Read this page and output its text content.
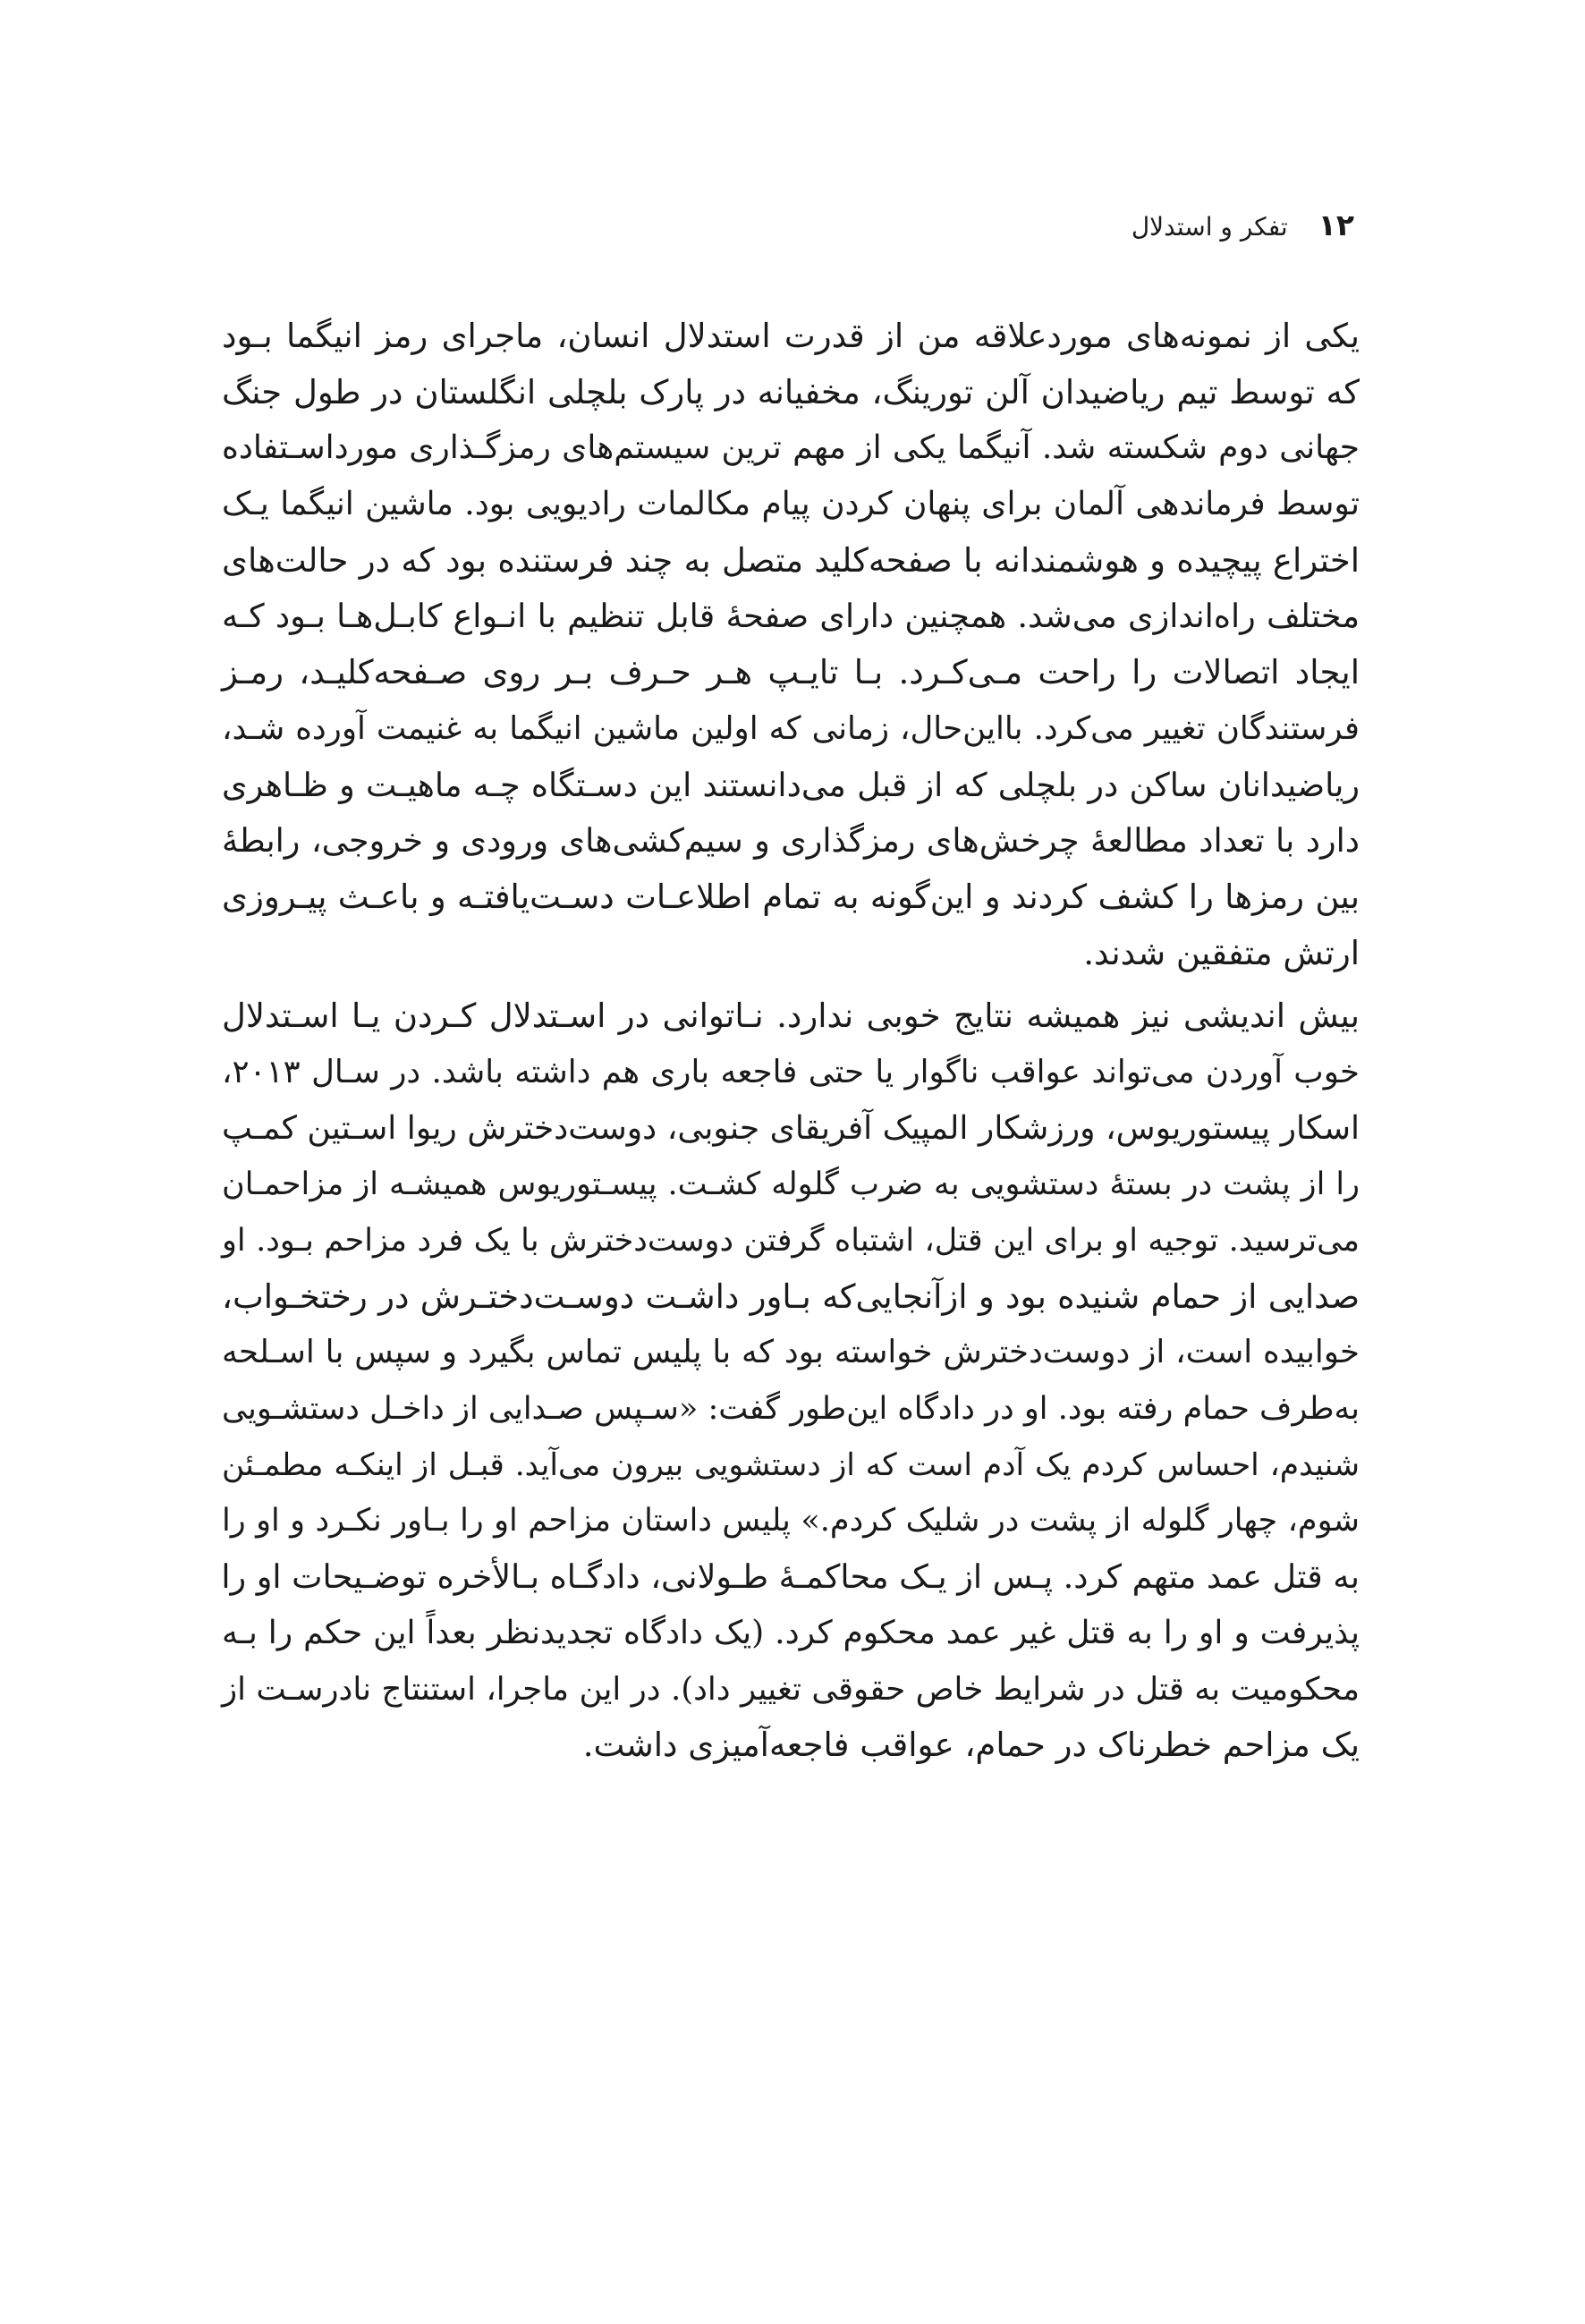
۱۲
تفکر و استدلال
یکی از نمونه‌های موردعلاقه من از قدرت استدلال انسان، ماجرای رمز انیگما بـود
که توسط تیم ریاضیدان آلن تورینگ، مخفیانه در پارک بلچلی انگلستان در طول جنگ
جهانی دوم شکسته شد. آنیگما یکی از مهم ترین سیستم‌های رمزگـذاری مورداسـتفاده
توسط فرماندهی آلمان برای پنهان کردن پیام مکالمات رادیویی بود. ماشین انیگما یـک
اختراع پیچیده و هوشمندانه با صفحه‌کلید متصل به چند فرستنده بود که در حالت‌های
مختلف راه‌اندازی می‌شد. همچنین دارای صفحهٔ قابل تنظیم با انـواع کابـل‌هـا بـود کـه
ایجاد اتصالات را راحت مـی‌کـرد. بـا تایـپ هـر حـرف بـر روی صـفحه‌کلیـد، رمـز
فرستندگان تغییر می‌کرد. بااین‌حال، زمانی که اولین ماشین انیگما به غنیمت آورده شـد،
ریاضیدانان ساکن در بلچلی که از قبل می‌دانستند این دسـتگاه چـه ماهیـت و ظـاهری
دارد با تعداد مطالعهٔ چرخش‌های رمزگذاری و سیم‌کشی‌های ورودی و خروجی، رابطهٔ
بین رمزها را کشف کردند و این‌گونه به تمام اطلاعـات دسـت‌یافتـه و باعـث پیـروزی
ارتش متفقین شدند.
بیش اندیشی نیز همیشه نتایج خوبی ندارد. نـاتوانی در اسـتدلال کـردن یـا اسـتدلال
خوب آوردن می‌تواند عواقب ناگوار یا حتی فاجعه باری هم داشته باشد. در سـال ۲۰۱۳،
اسکار پیستوریوس، ورزشکار المپیک آفریقای جنوبی، دوست‌دخترش ریوا اسـتین کمـپ
را از پشت در بستهٔ دستشویی به ضرب گلوله کشـت. پیسـتوریوس همیشـه از مزاحمـان
می‌ترسید. توجیه او برای این قتل، اشتباه گرفتن دوست‌دخترش با یک فرد مزاحم بـود. او
صدایی از حمام شنیده بود و ازآنجایی‌که بـاور داشـت دوسـت‌دختـرش در رختخـواب،
خوابیده است، از دوست‌دخترش خواسته بود که با پلیس تماس بگیرد و سپس با اسـلحه
به‌طرف حمام رفته بود. او در دادگاه این‌طور گفت: «سـپس صـدایی از داخـل دستشـویی
شنیدم، احساس کردم یک آدم است که از دستشویی بیرون می‌آید. قبـل از اینکـه مطمـئن
شوم، چهار گلوله از پشت در شلیک کردم.» پلیس داستان مزاحم او را بـاور نکـرد و او را
به قتل عمد متهم کرد. پـس از یـک محاکمـهٔ طـولانی، دادگـاه بـالأخره توضـیحات او را
پذیرفت و او را به قتل غیر عمد محکوم کرد. (یک دادگاه تجدیدنظر بعداً این حکم را بـه
محکومیت به قتل در شرایط خاص حقوقی تغییر داد). در این ماجرا، استنتاج نادرسـت از
یک مزاحم خطرناک در حمام، عواقب فاجعه‌آمیزی داشت.
